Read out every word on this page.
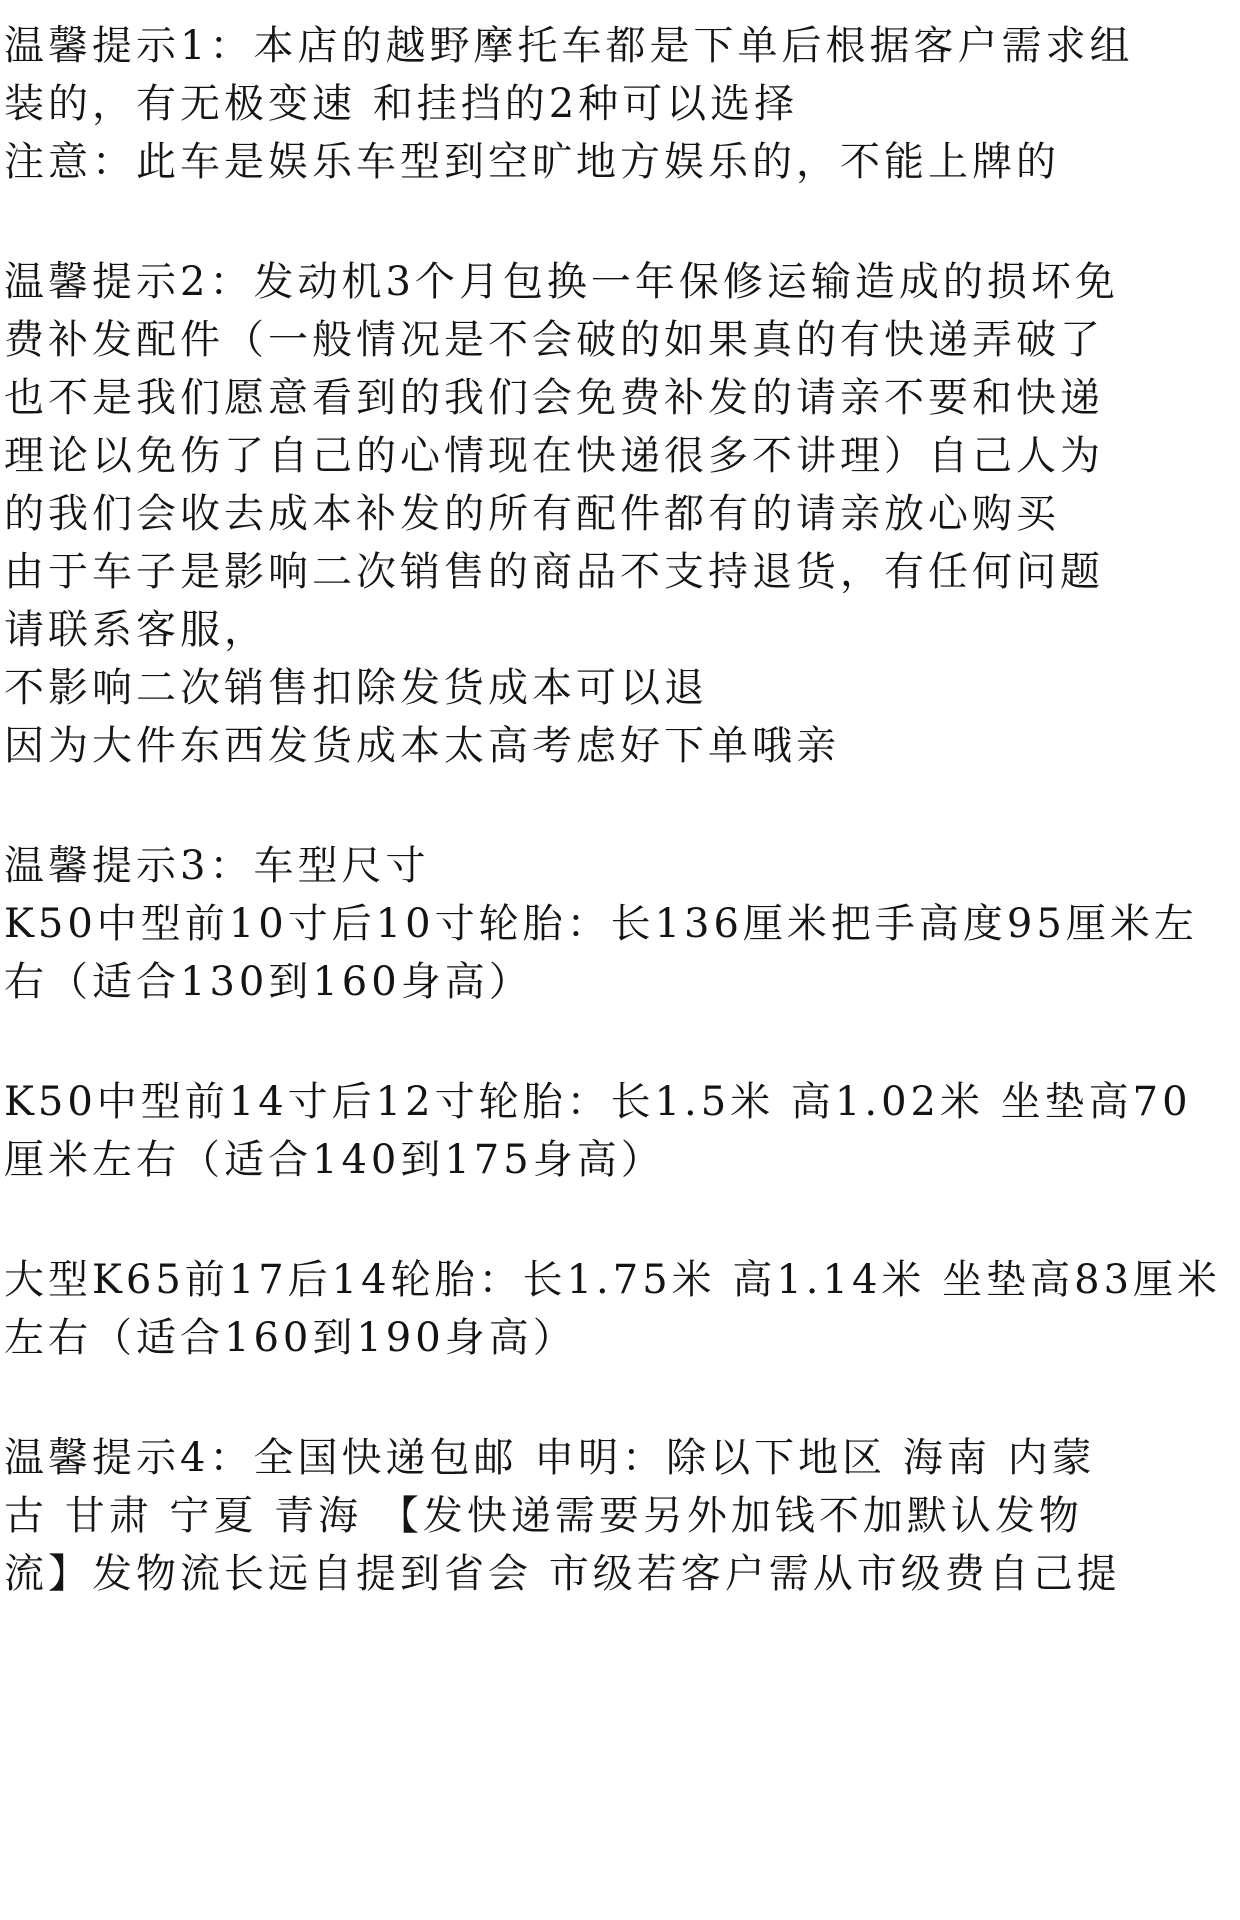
温馨提示1：本店的越野摩托车都是下单后根据客户需求组
装的，有无极变速 和挂挡的2种可以选择
注意：此车是娱乐车型到空旷地方娱乐的，不能上牌的
温馨提示2：发动机3个月包换一年保修运输造成的损坏免
费补发配件（一般情况是不会破的如果真的有快递弄破了
也不是我们愿意看到的我们会免费补发的请亲不要和快递
理论以免伤了自己的心情现在快递很多不讲理）自己人为
的我们会收去成本补发的所有配件都有的请亲放心购买
由于车子是影响二次销售的商品不支持退货，有任何问题
请联系客服，
不影响二次销售扣除发货成本可以退
因为大件东西发货成本太高考虑好下单哦亲
温馨提示3：车型尺寸
K50中型前10寸后10寸轮胎：长136厘米把手高度95厘米左
右（适合130到160身高）
K50中型前14寸后12寸轮胎：长1.5米 高1.02米 坐垫高70
厘米左右（适合140到175身高）
大型K65前17后14轮胎：长1.75米 高1.14米 坐垫高83厘米
左右（适合160到190身高）
温馨提示4：全国快递包邮 申明：除以下地区 海南 内蒙
古 甘肃 宁夏 青海 【发快递需要另外加钱不加默认发物
流】发物流长远自提到省会 市级若客户需从市级费自己提
